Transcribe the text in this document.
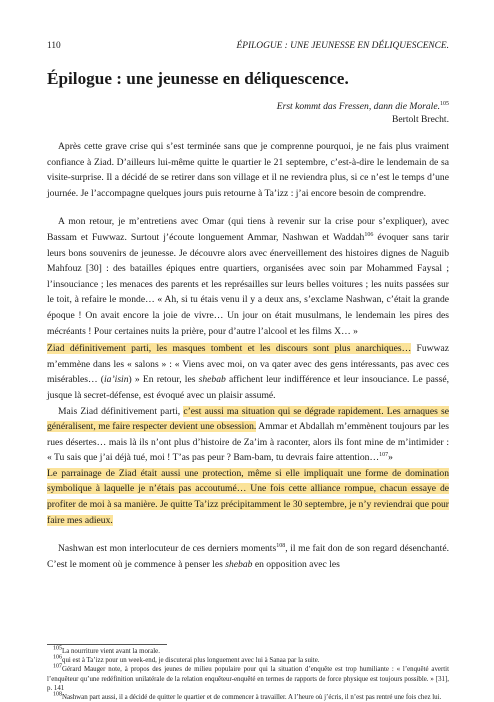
110	ÉPILOGUE : UNE JEUNESSE EN DÉLIQUESCENCE.
Épilogue : une jeunesse en déliquescence.
Erst kommt das Fressen, dann die Morale.$^{105}$
Bertolt Brecht.

Après cette grave crise qui s’est terminée sans que je comprenne pourquoi, je ne fais plus vraiment confiance à Ziad. D’ailleurs lui-même quitte le quartier le 21 septembre, c’est-à-dire le lendemain de sa visite-surprise. Il a décidé de se retirer dans son village et il ne reviendra plus, si ce n’est le temps d’une journée. Je l’accompagne quelques jours puis retourne à Ta’izz : j’ai encore besoin de comprendre.

A mon retour, je m’entretiens avec Omar (qui tiens à revenir sur la crise pour s’expliquer), avec Bassam et Fuwwaz. Surtout j’écoute longuement Ammar, Nashwan et Waddah$^{106}$ évoquer sans tarir leurs bons souvenirs de jeunesse. Je découvre alors avec énerveillement des histoires dignes de Naguib Mahfouz [30] : des batailles épiques entre quartiers, organisées avec soin par Mohammed Faysal ; l’insouciance ; les menaces des parents et les représailles sur leurs belles voitures ; les nuits passées sur le toit, à refaire le monde… « Ah, si tu étais venu il y a deux ans, s’exclame Nashwan, c’était la grande époque ! On avait encore la joie de vivre… Un jour on était musulmans, le lendemain les pires des mécréants ! Pour certaines nuits la prière, pour d’autre l’alcool et les films X… »

Ziad définitivement parti, les masques tombent et les discours sont plus anarchiques… Fuwwaz m’emmène dans les « salons » : « Viens avec moi, on va qater avec des gens intéressants, pas avec ces misérables… (ia’isin) » En retour, les shebab affichent leur indifférence et leur insouciance. Le passé, jusque là secret-défense, est évoqué avec un plaisir assumé.

Mais Ziad définitivement parti, c’est aussi ma situation qui se dégrade rapidement. Les arnaques se généralisent, me faire respecter devient une obsession. Ammar et Abdallah m’emmènent toujours par les rues désertes… mais là ils n’ont plus d’histoire de Za’im à raconter, alors ils font mine de m’intimider : « Tu sais que j’ai déjà tué, moi ! T’as pas peur ? Bam-bam, tu devrais faire attention…$^{107}$»

Le parrainage de Ziad était aussi une protection, même si elle impliquait une forme de domination symbolique à laquelle je n’étais pas accoutumé… Une fois cette alliance rompue, chacun essaye de profiter de moi à sa manière. Je quitte Ta’izz précipitamment le 30 septembre, je n’y reviendrai que pour faire mes adieux.

Nashwan est mon interlocuteur de ces derniers moments$^{108}$, il me fait don de son regard désenchanté. C’est le moment où je commence à penser les shebab en opposition avec les

$^{105}$La nourriture vient avant la morale.

$^{106}$qui est à Ta’izz pour un week-end, je discuterai plus longuement avec lui à Sanaa par la suite.

$^{107}$Gérard Mauger note, à propos des jeunes de milieu populaire pour qui la situation d’enquête est trop humiliante : « l’enquêté avertit l’enquêteur qu’une redéfinition unilatérale de la relation enquêteur-enquêté en termes de rapports de force physique est toujours possible. » [31], p. 141

$^{108}$Nashwan part aussi, il a décidé de quitter le quartier et de commencer à travailler. A l’heure où j’écris, il n’est pas rentré une fois chez lui.
